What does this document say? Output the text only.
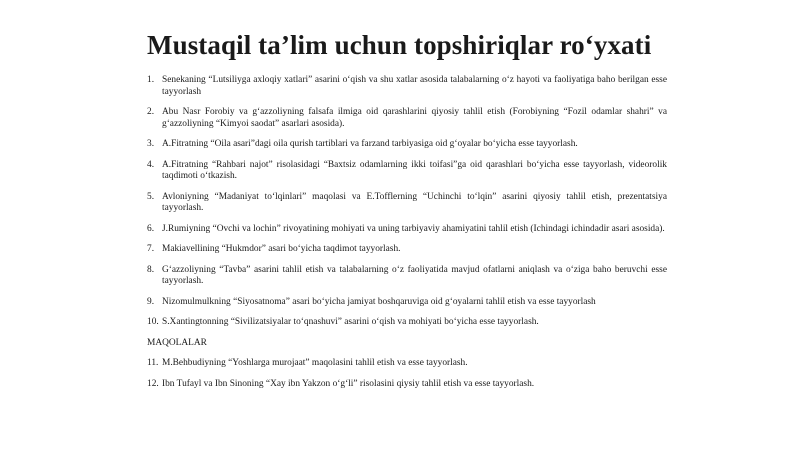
Mustaqil ta’lim uchun topshiriqlar ro‘yxati
1. Senekaning “Lutsiliyga axloqiy xatlari” asarini o‘qish va shu xatlar asosida talabalarning o‘z hayoti va faoliyatiga baho berilgan esse tayyorlash
2. Abu Nasr Forobiy va g‘azzoliyning falsafa ilmiga oid qarashlarini qiyosiy tahlil etish (Forobiyning “Fozil odamlar shahri” va g‘azzoliyning “Kimyoi saodat” asarlari asosida).
3. A.Fitratning “Oila asari”dagi oila qurish tartiblari va farzand tarbiyasiga oid g‘oyalar bo‘yicha esse tayyorlash.
4. A.Fitratning “Rahbari najot” risolasidagi “Baxtsiz odamlarning ikki toifasi”ga oid qarashlari bo‘yicha esse tayyorlash, videorolik taqdimoti o‘tkazish.
5. Avloniyning “Madaniyat to‘lqinlari” maqolasi va E.Tofflerning “Uchinchi to‘lqin” asarini qiyosiy tahlil etish, prezentatsiya tayyorlash.
6. J.Rumiyning “Ovchi va lochin” rivoyatining mohiyati va uning tarbiyaviy ahamiyatini tahlil etish (Ichindagi ichindadir asari asosida).
7. Makiavellining “Hukmdor” asari bo‘yicha taqdimot tayyorlash.
8. G‘azzoliyning “Tavba” asarini tahlil etish va talabalarning o‘z faoliyatida mavjud ofatlarni aniqlash va o‘ziga baho beruvchi esse tayyorlash.
9. Nizomulmulkning “Siyosatnoma” asari bo‘yicha jamiyat boshqaruviga oid g‘oyalarni tahlil etish va esse tayyorlash
10. S.Xantingtonning “Sivilizatsiyalar to‘qnashuvi” asarini o‘qish va mohiyati bo‘yicha esse tayyorlash.
MAQOLALAR
11. M.Behbudiyning “Yoshlarga murojaat” maqolasini tahlil etish va esse tayyorlash.
12. Ibn Tufayl va Ibn Sinoning “Xay ibn Yakzon o‘g‘li” risolasini qiysiy tahlil etish va esse tayyorlash.
